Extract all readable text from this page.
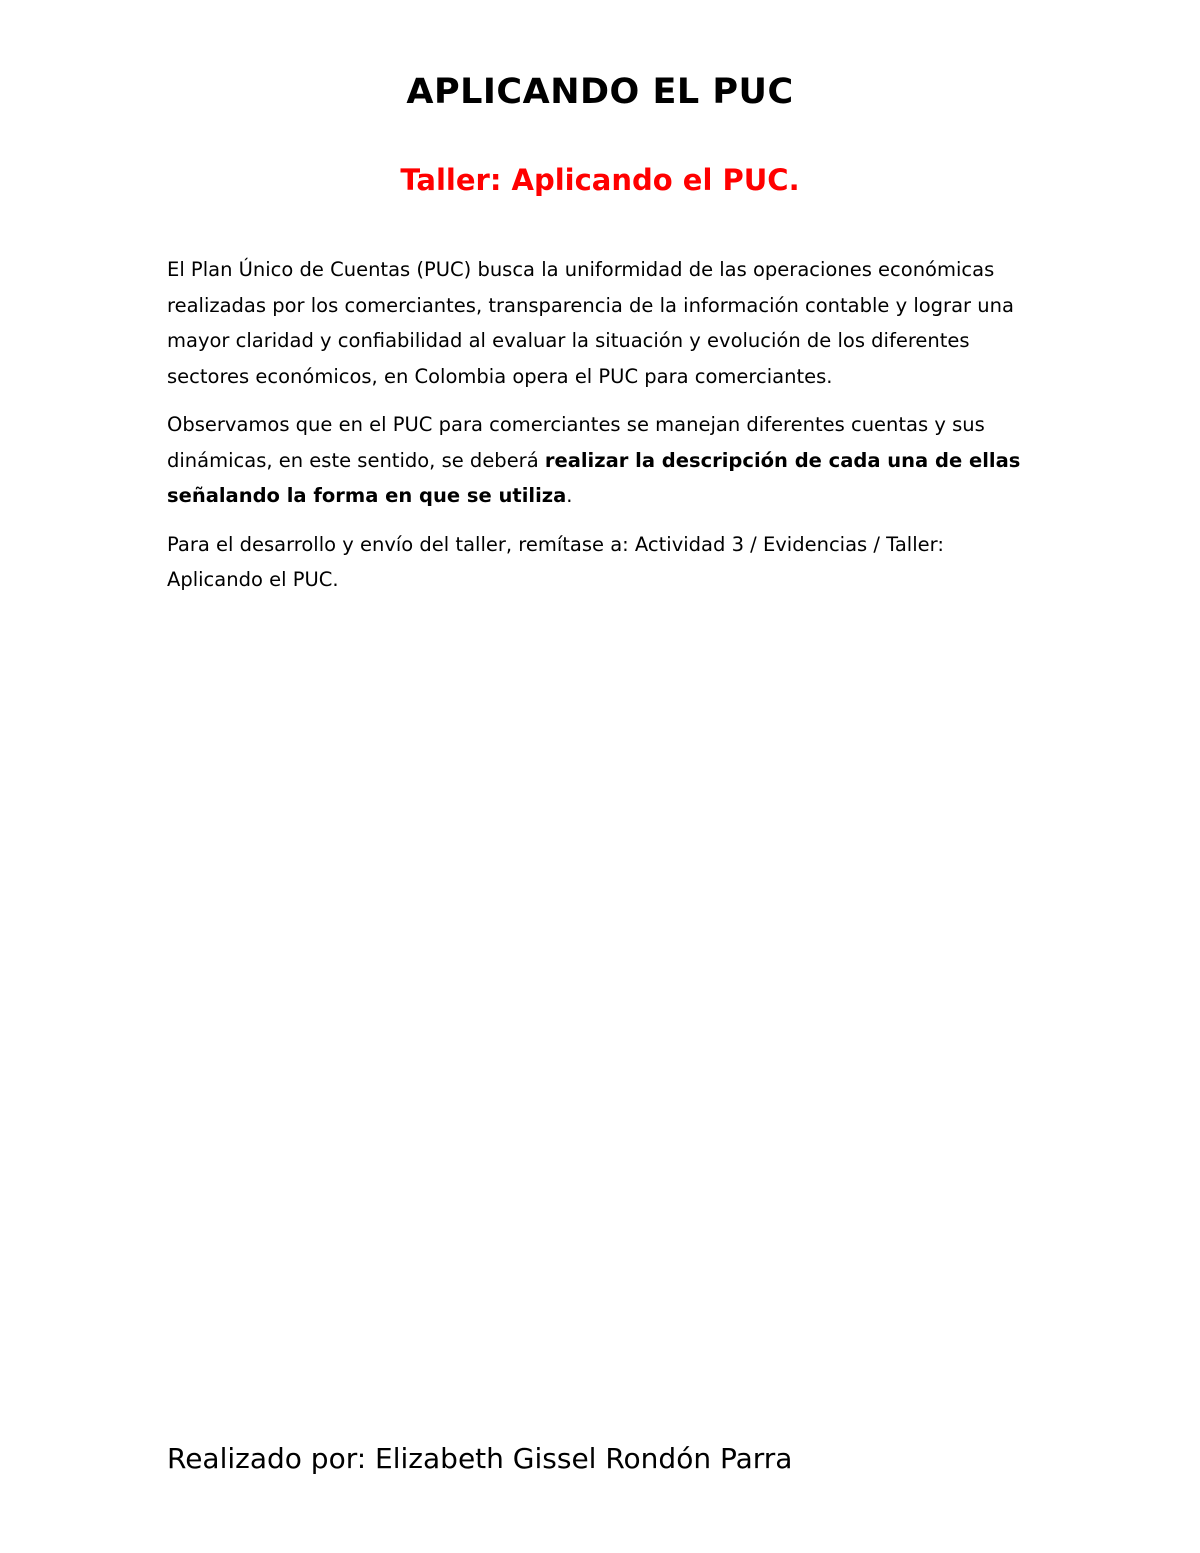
APLICANDO EL PUC
Taller: Aplicando el PUC.

El Plan Único de Cuentas (PUC) busca la uniformidad de las operaciones económicas realizadas por los comerciantes, transparencia de la información contable y lograr una mayor claridad y confiabilidad al evaluar la situación y evolución de los diferentes sectores económicos, en Colombia opera el PUC para comerciantes.

Observamos que en el PUC para comerciantes se manejan diferentes cuentas y sus dinámicas, en este sentido, se deberá realizar la descripción de cada una de ellas señalando la forma en que se utiliza.

Para el desarrollo y envío del taller, remítase a: Actividad 3 / Evidencias / Taller: Aplicando el PUC.

Realizado por: Elizabeth Gissel Rondón Parra
